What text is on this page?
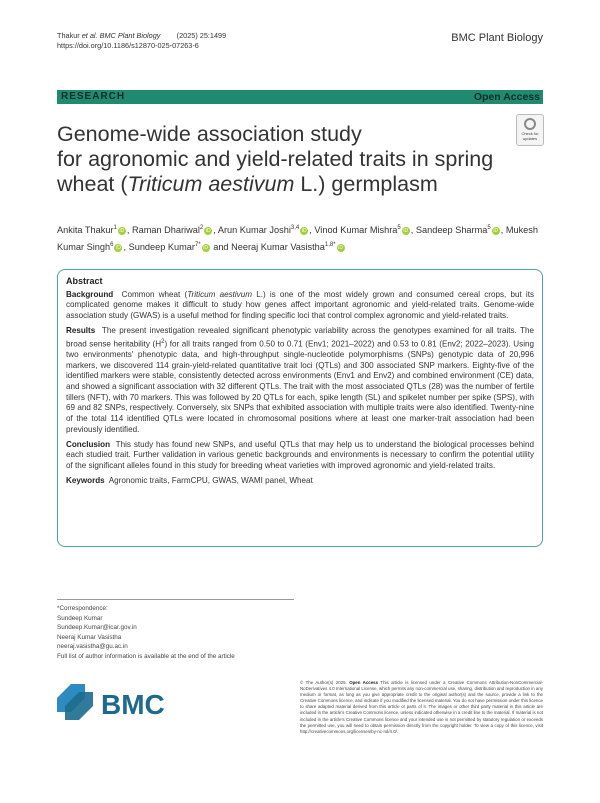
Thakur et al. BMC Plant Biology (2025) 25:1499
https://doi.org/10.1186/s12870-025-07263-6
BMC Plant Biology
RESEARCH	Open Access
Check for updates
Genome-wide association study
for agronomic and yield-related traits in spring
wheat (Triticum aestivum L.) germplasm
Ankita Thakur$^1$ iD , Raman Dhariwal$^2$ iD , Arun Kumar Joshi$^{3,4}$ iD , Vinod Kumar Mishra$^5$ iD , Sandeep Sharma$^5$ iD , Mukesh Kumar Singh$^6$ iD , Sundeep Kumar$^{7*}$ iD and Neeraj Kumar Vasistha$^{1,8*}$ iD
Abstract

Background Common wheat (Triticum aestivum L.) is one of the most widely grown and consumed cereal crops, but its complicated genome makes it difficult to study how genes affect important agronomic and yield-related traits. Genome-wide association study (GWAS) is a useful method for finding specific loci that control complex agronomic and yield-related traits.

Results The present investigation revealed significant phenotypic variability across the genotypes examined for all traits. The broad sense heritability $(H^2)$ for all traits ranged from 0.50 to 0.71 (Env1; 2021–2022) and 0.53 to 0.81 (Env2; 2022–2023). Using two environments' phenotypic data, and high-throughput single-nucleotide polymorphisms (SNPs) genotypic data of 20,996 markers, we discovered 114 grain-yield-related quantitative trait loci (QTLs) and 300 associated SNP markers. Eighty-five of the identified markers were stable, consistently detected across environments (Env1 and Env2) and combined environment (CE) data, and showed a significant association with 32 different QTLs. The trait with the most associated QTLs (28) was the number of fertile tillers (NFT), with 70 markers. This was followed by 20 QTLs for each, spike length (SL) and spikelet number per spike (SPS), with 69 and 82 SNPs, respectively. Conversely, six SNPs that exhibited association with multiple traits were also identified. Twenty-nine of the total 114 identified QTLs were located in chromosomal positions where at least one marker-trait association had been previously identified.

Conclusion This study has found new SNPs, and useful QTLs that may help us to understand the biological processes behind each studied trait. Further validation in various genetic backgrounds and environments is necessary to confirm the potential utility of the significant alleles found in this study for breeding wheat varieties with improved agronomic and yield-related traits.

Keywords Agronomic traits, FarmCPU, GWAS, WAMI panel, Wheat

*Correspondence:
Sundeep Kumar
Sundeep.Kumar@icar.gov.in
Neeraj Kumar Vasistha
neeraj.vasistha@gu.ac.in
Full list of author information is available at the end of the article
BMC
© The Author(s) 2025. Open Access This article is licensed under a Creative Commons Attribution-NonCommercial-NoDerivatives 4.0 International License, which permits any non-commercial use, sharing, distribution and reproduction in any medium or format, as long as you give appropriate credit to the original author(s) and the source, provide a link to the Creative Commons licence, and indicate if you modified the licensed material. You do not have permission under this licence to share adapted material derived from this article or parts of it. The images or other third party material in this article are included in the article's Creative Commons licence, unless indicated otherwise in a credit line to the material. If material is not included in the article's Creative Commons licence and your intended use is not permitted by statutory regulation or exceeds the permitted use, you will need to obtain permission directly from the copyright holder. To view a copy of this licence, visit http://creativecommons.org/licenses/by-nc-nd/4.0/.
